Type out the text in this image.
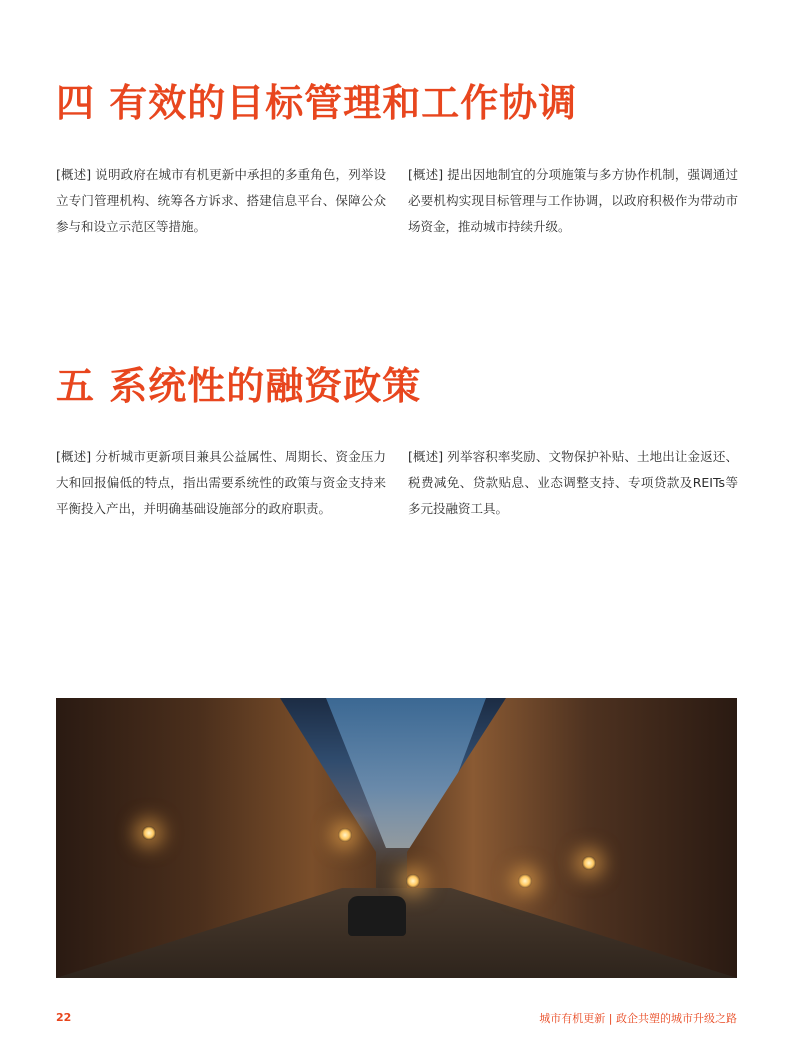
四 有效的目标管理和工作协调

[概述] 说明政府在城市有机更新中承担的多重角色，列举设立专门管理机构、统筹各方诉求、搭建信息平台、保障公众参与和设立示范区等措施。

[概述] 提出因地制宜的分项施策与多方协作机制，强调通过必要机构实现目标管理与工作协调，以政府积极作为带动市场资金，推动城市持续升级。

五 系统性的融资政策

[概述] 分析城市更新项目兼具公益属性、周期长、资金压力大和回报偏低的特点，指出需要系统性的政策与资金支持来平衡投入产出，并明确基础设施部分的政府职责。

[概述] 列举容积率奖励、文物保护补贴、土地出让金返还、税费减免、贷款贴息、业态调整支持、专项贷款及REITs等多元投融资工具。

22	城市有机更新 | 政企共塑的城市升级之路
